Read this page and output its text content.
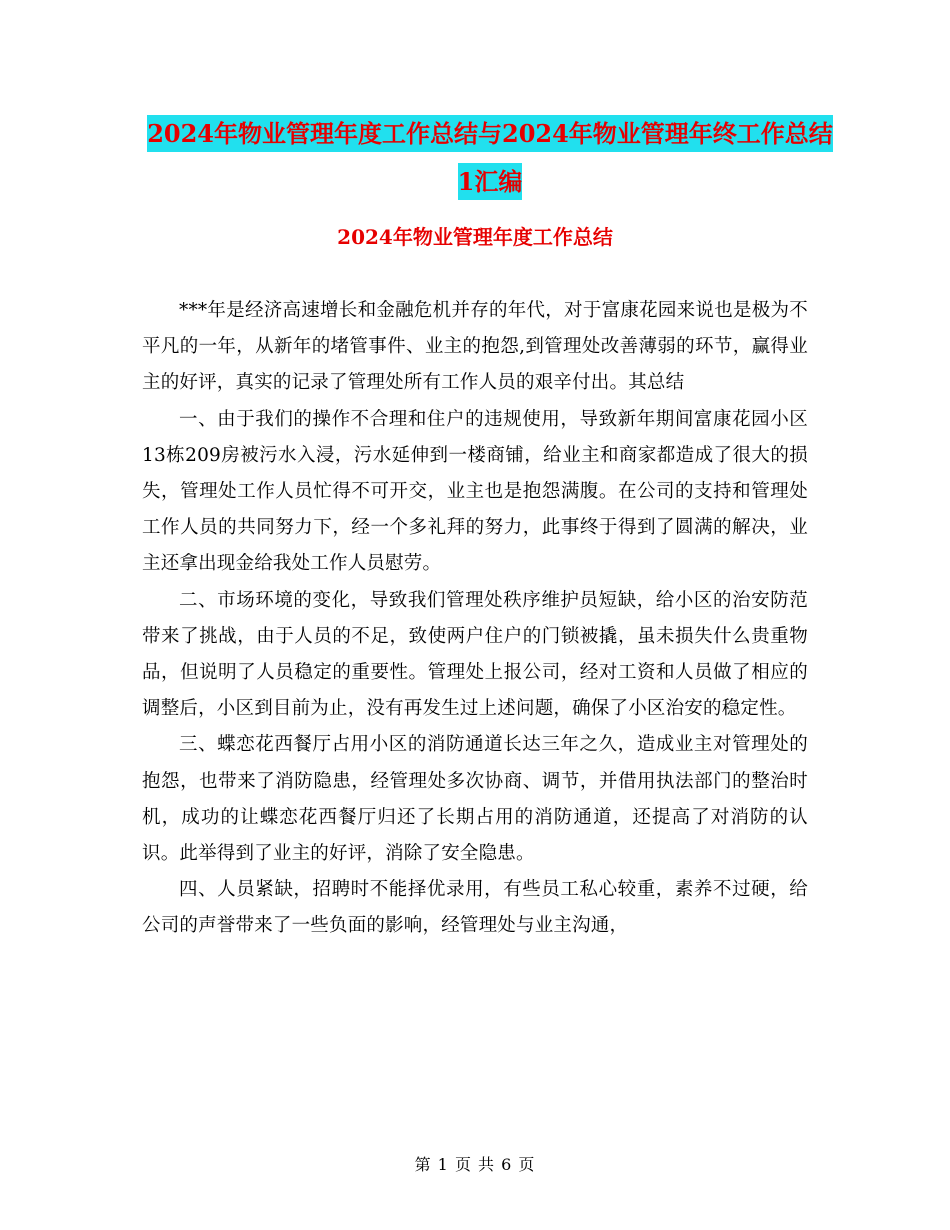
2024年物业管理年度工作总结与2024年物业管理年终工作总结1汇编
2024年物业管理年度工作总结

***年是经济高速增长和金融危机并存的年代，对于富康花园来说也是极为不平凡的一年，从新年的堵管事件、业主的抱怨,到管理处改善薄弱的环节，赢得业主的好评，真实的记录了管理处所有工作人员的艰辛付出。其总结

一、由于我们的操作不合理和住户的违规使用，导致新年期间富康花园小区13栋209房被污水入浸，污水延伸到一楼商铺，给业主和商家都造成了很大的损失，管理处工作人员忙得不可开交，业主也是抱怨满腹。在公司的支持和管理处工作人员的共同努力下，经一个多礼拜的努力，此事终于得到了圆满的解决，业主还拿出现金给我处工作人员慰劳。

二、市场环境的变化，导致我们管理处秩序维护员短缺，给小区的治安防范带来了挑战，由于人员的不足，致使两户住户的门锁被撬，虽未损失什么贵重物品，但说明了人员稳定的重要性。管理处上报公司，经对工资和人员做了相应的调整后，小区到目前为止，没有再发生过上述问题，确保了小区治安的稳定性。

三、蝶恋花西餐厅占用小区的消防通道长达三年之久，造成业主对管理处的抱怨，也带来了消防隐患，经管理处多次协商、调节，并借用执法部门的整治时机，成功的让蝶恋花西餐厅归还了长期占用的消防通道，还提高了对消防的认识。此举得到了业主的好评，消除了安全隐患。

四、人员紧缺，招聘时不能择优录用，有些员工私心较重，素养不过硬，给公司的声誉带来了一些负面的影响，经管理处与业主沟通，

第 1 页 共 6 页
